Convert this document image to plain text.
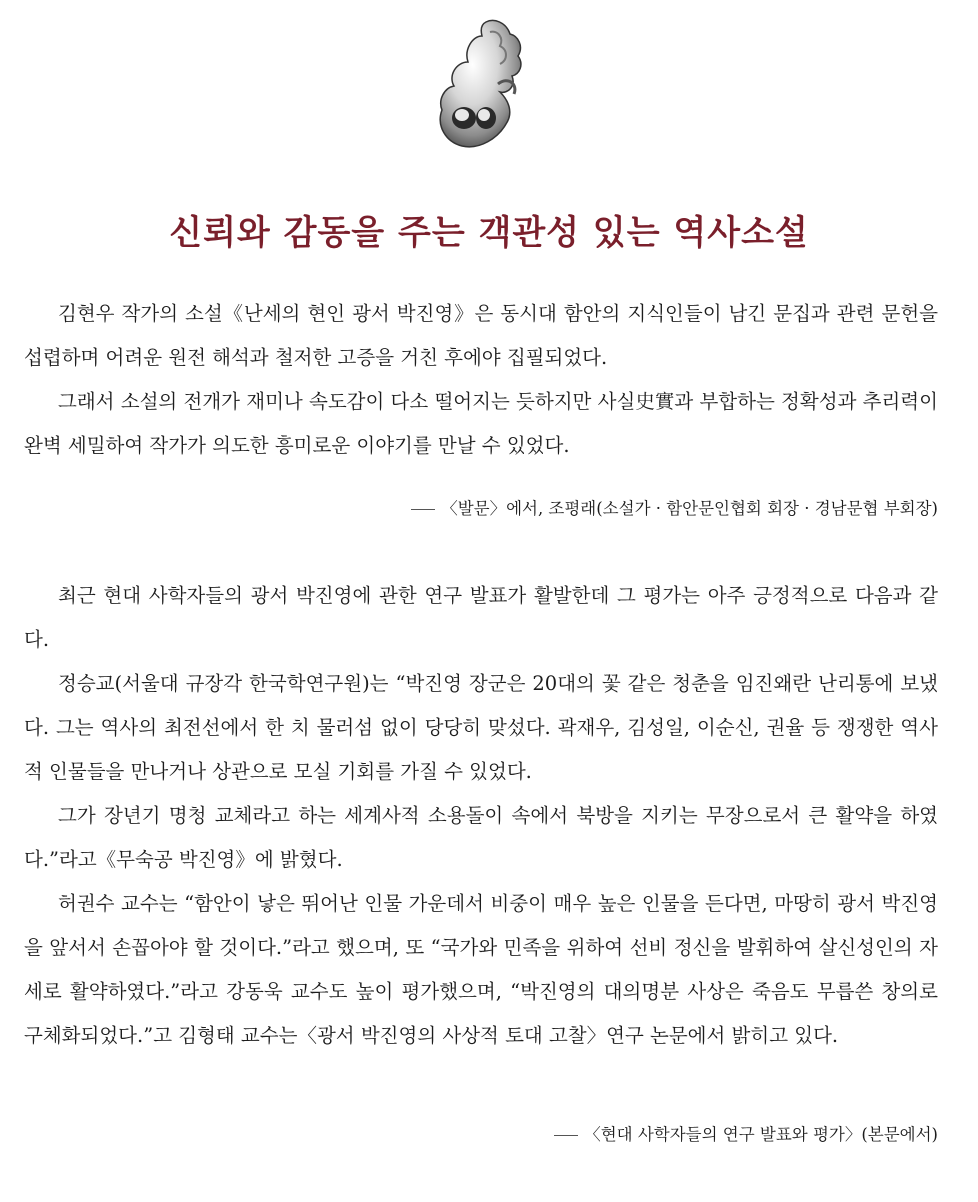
신뢰와 감동을 주는 객관성 있는 역사소설

김현우 작가의 소설《난세의 현인 광서 박진영》은 동시대 함안의 지식인들이 남긴 문집과 관련 문헌을 섭렵하며 어려운 원전 해석과 철저한 고증을 거친 후에야 집필되었다.

그래서 소설의 전개가 재미나 속도감이 다소 떨어지는 듯하지만 사실史實과 부합하는 정확성과 추리력이 완벽 세밀하여 작가가 의도한 흥미로운 이야기를 만날 수 있었다.

〈발문〉에서, 조평래(소설가 · 함안문인협회 회장 · 경남문협 부회장)

최근 현대 사학자들의 광서 박진영에 관한 연구 발표가 활발한데 그 평가는 아주 긍정적으로 다음과 같다.

정승교(서울대 규장각 한국학연구원)는 “박진영 장군은 20대의 꽃 같은 청춘을 임진왜란 난리통에 보냈다. 그는 역사의 최전선에서 한 치 물러섬 없이 당당히 맞섰다. 곽재우, 김성일, 이순신, 권율 등 쟁쟁한 역사적 인물들을 만나거나 상관으로 모실 기회를 가질 수 있었다.

그가 장년기 명청 교체라고 하는 세계사적 소용돌이 속에서 북방을 지키는 무장으로서 큰 활약을 하였다.”라고《무숙공 박진영》에 밝혔다.

허권수 교수는 “함안이 낳은 뛰어난 인물 가운데서 비중이 매우 높은 인물을 든다면, 마땅히 광서 박진영을 앞서서 손꼽아야 할 것이다.”라고 했으며, 또 “국가와 민족을 위하여 선비 정신을 발휘하여 살신성인의 자세로 활약하였다.”라고 강동욱 교수도 높이 평가했으며, “박진영의 대의명분 사상은 죽음도 무릅쓴 창의로 구체화되었다.”고 김형태 교수는〈광서 박진영의 사상적 토대 고찰〉연구 논문에서 밝히고 있다.

〈현대 사학자들의 연구 발표와 평가〉(본문에서)
